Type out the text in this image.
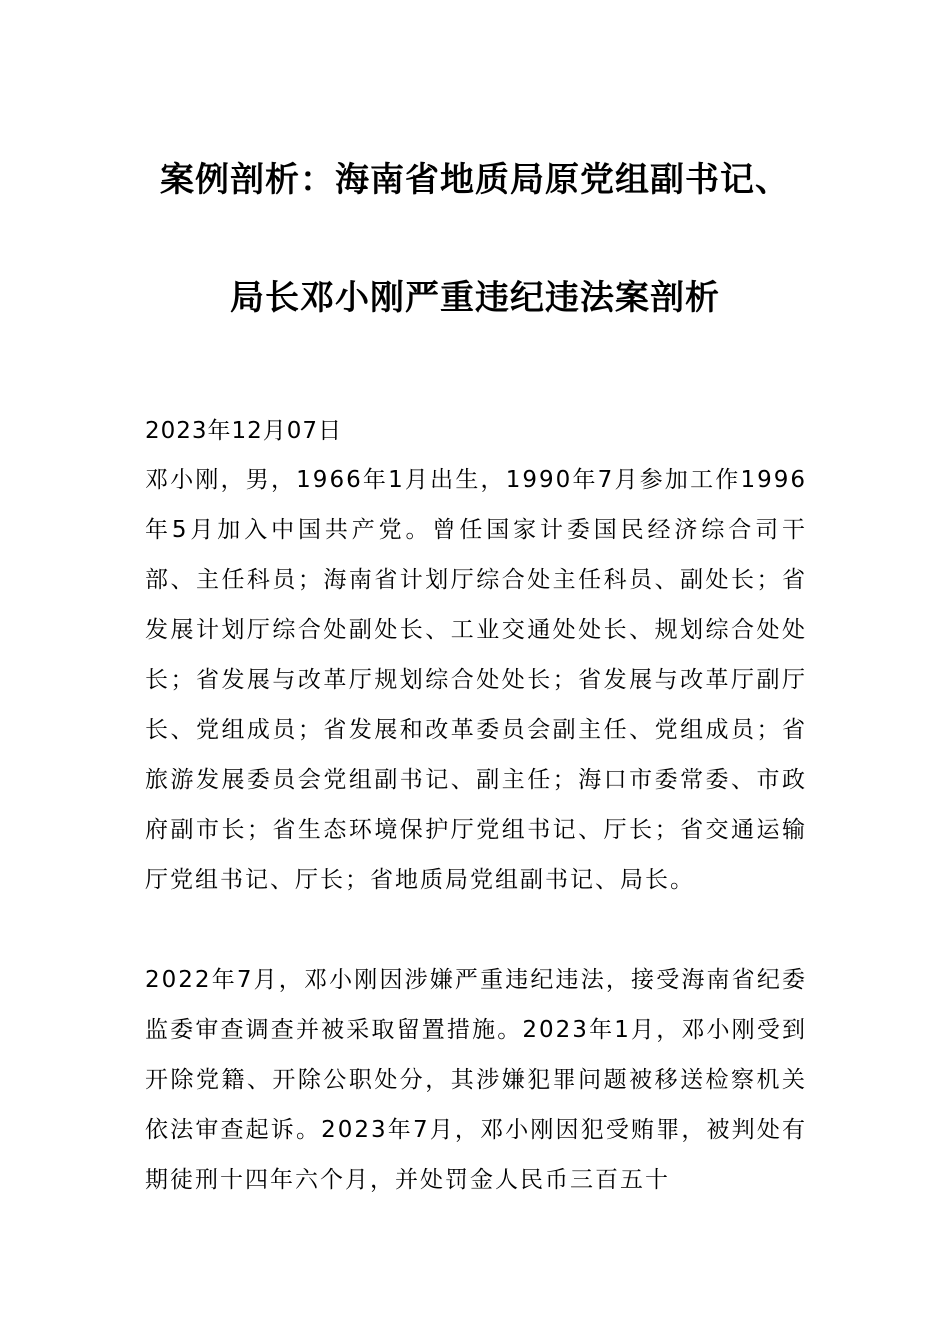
案例剖析：海南省地质局原党组副书记、
局长邓小刚严重违纪违法案剖析
2023年12月07日
邓小刚，男，1966年1月出生，1990年7月参加工作1996年5月加入中国共产党。曾任国家计委国民经济综合司干部、主任科员；海南省计划厅综合处主任科员、副处长；省发展计划厅综合处副处长、工业交通处处长、规划综合处处长；省发展与改革厅规划综合处处长；省发展与改革厅副厅长、党组成员；省发展和改革委员会副主任、党组成员；省旅游发展委员会党组副书记、副主任；海口市委常委、市政府副市长；省生态环境保护厅党组书记、厅长；省交通运输厅党组书记、厅长；省地质局党组副书记、局长。
2022年7月，邓小刚因涉嫌严重违纪违法，接受海南省纪委监委审查调查并被采取留置措施。2023年1月，邓小刚受到开除党籍、开除公职处分，其涉嫌犯罪问题被移送检察机关依法审查起诉。2023年7月，邓小刚因犯受贿罪，被判处有期徒刑十四年六个月，并处罚金人民币三百五十
